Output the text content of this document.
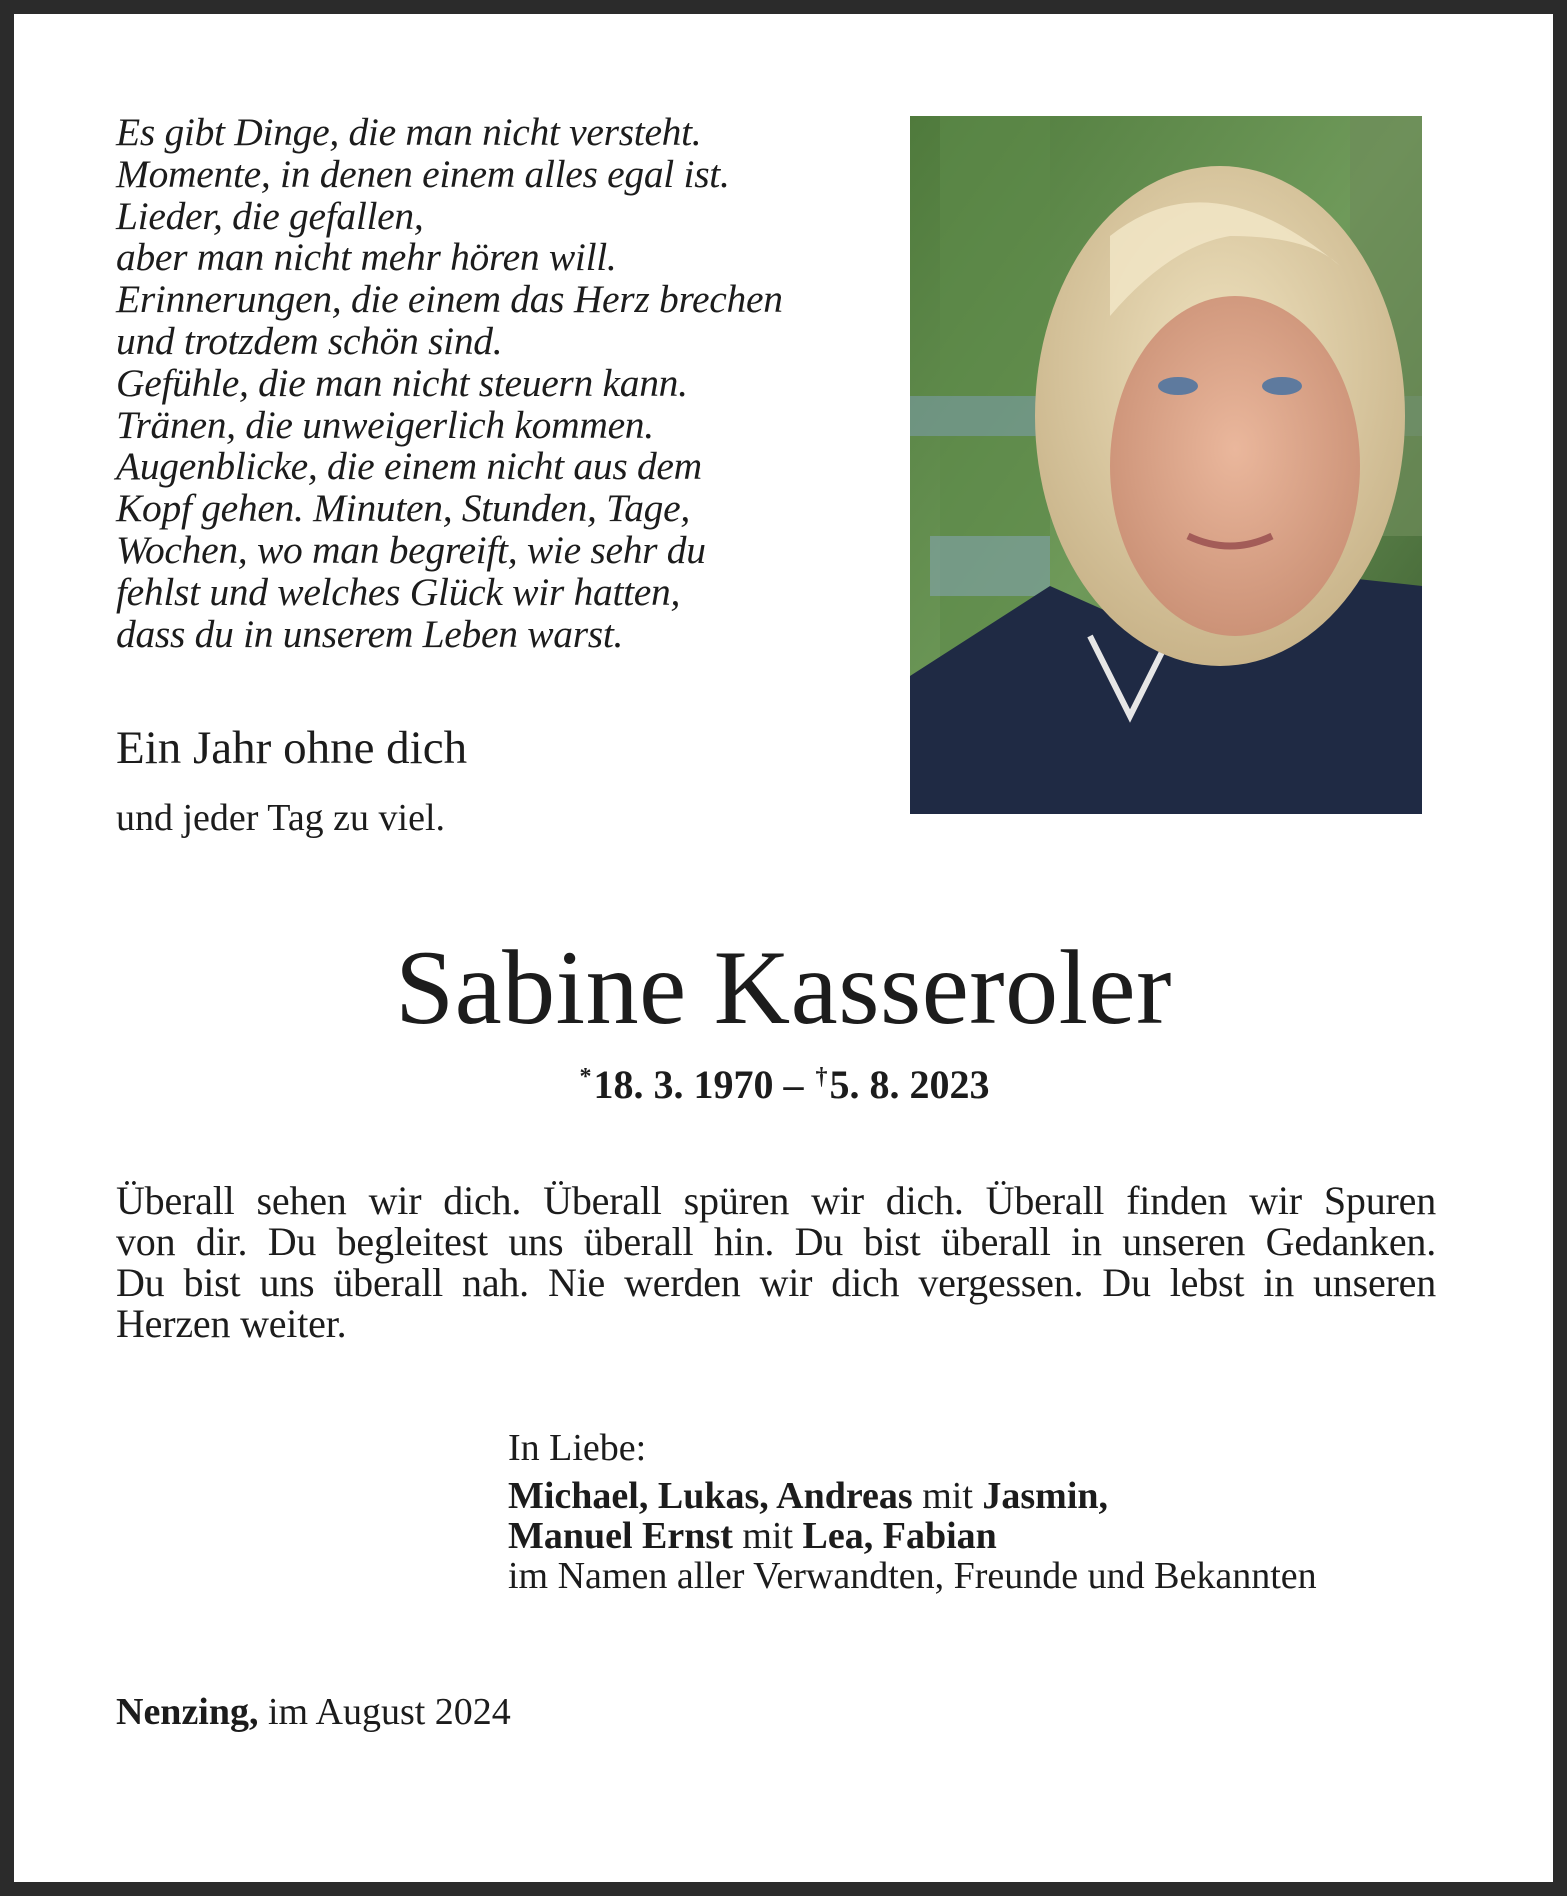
Es gibt Dinge, die man nicht versteht.
Momente, in denen einem alles egal ist.
Lieder, die gefallen,
aber man nicht mehr hören will.
Erinnerungen, die einem das Herz brechen
und trotzdem schön sind.
Gefühle, die man nicht steuern kann.
Tränen, die unweigerlich kommen.
Augenblicke, die einem nicht aus dem
Kopf gehen. Minuten, Stunden, Tage,
Wochen, wo man begreift, wie sehr du
fehlst und welches Glück wir hatten,
dass du in unserem Leben warst.
Ein Jahr ohne dich
und jeder Tag zu viel.
Sabine Kasseroler
*18. 3. 1970 – †5. 8. 2023
Überall sehen wir dich. Überall spüren wir dich. Überall finden wir Spuren
von dir. Du begleitest uns überall hin. Du bist überall in unseren Gedanken.
Du bist uns überall nah. Nie werden wir dich vergessen. Du lebst in unseren
Herzen weiter.
In Liebe:
Michael, Lukas, Andreas mit Jasmin,
Manuel Ernst mit Lea, Fabian
im Namen aller Verwandten, Freunde und Bekannten
Nenzing, im August 2024
